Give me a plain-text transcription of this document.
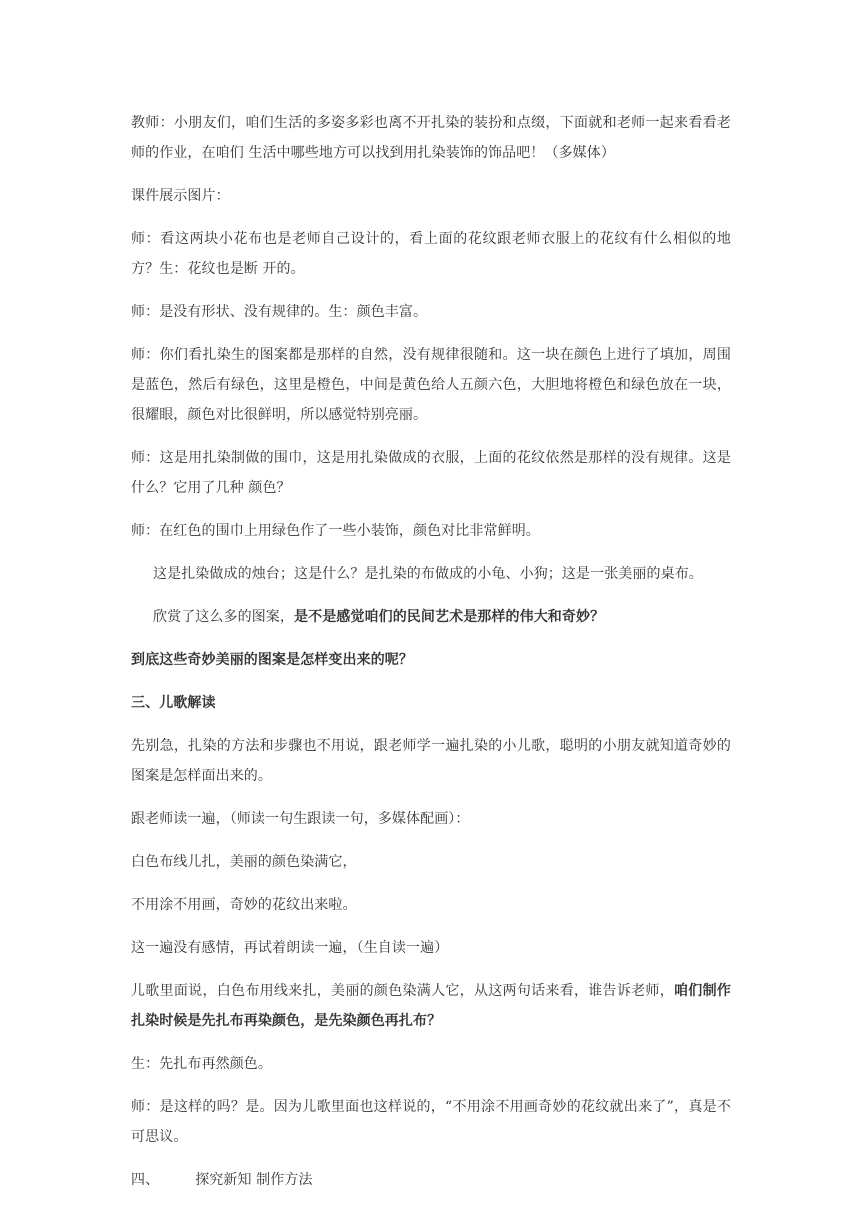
教师：小朋友们，咱们生活的多姿多彩也离不开扎染的装扮和点缀，下面就和老师一起来看看老师的作业，在咱们 生活中哪些地方可以找到用扎染装饰的饰品吧！（多媒体）

课件展示图片：

师：看这两块小花布也是老师自己设计的，看上面的花纹跟老师衣服上的花纹有什么相似的地方？生：花纹也是断 开的。

师：是没有形状、没有规律的。生：颜色丰富。

师：你们看扎染生的图案都是那样的自然，没有规律很随和。这一块在颜色上进行了填加，周围是蓝色，然后有绿色，这里是橙色，中间是黄色给人五颜六色，大胆地将橙色和绿色放在一块，很耀眼，颜色对比很鲜明，所以感觉特别亮丽。

师：这是用扎染制做的围巾，这是用扎染做成的衣服，上面的花纹依然是那样的没有规律。这是什么？它用了几种 颜色？

师：在红色的围巾上用绿色作了一些小装饰，颜色对比非常鲜明。

这是扎染做成的烛台；这是什么？是扎染的布做成的小龟、小狗；这是一张美丽的桌布。

欣赏了这么多的图案，是不是感觉咱们的民间艺术是那样的伟大和奇妙？

到底这些奇妙美丽的图案是怎样变出来的呢？

三、儿歌解读

先别急，扎染的方法和步骤也不用说，跟老师学一遍扎染的小儿歌，聪明的小朋友就知道奇妙的图案是怎样面出来的。

跟老师读一遍，（师读一句生跟读一句，多媒体配画）：

白色布线儿扎，美丽的颜色染满它，

不用涂不用画，奇妙的花纹出来啦。

这一遍没有感情，再试着朗读一遍，（生自读一遍）

儿歌里面说，白色布用线来扎，美丽的颜色染满人它，从这两句话来看，谁告诉老师，咱们制作扎染时候是先扎布再染颜色，是先染颜色再扎布？

生：先扎布再然颜色。

师：是这样的吗？是。因为儿歌里面也这样说的，“不用涂不用画奇妙的花纹就出来了”，真是不可思议。

四、	探究新知 制作方法
